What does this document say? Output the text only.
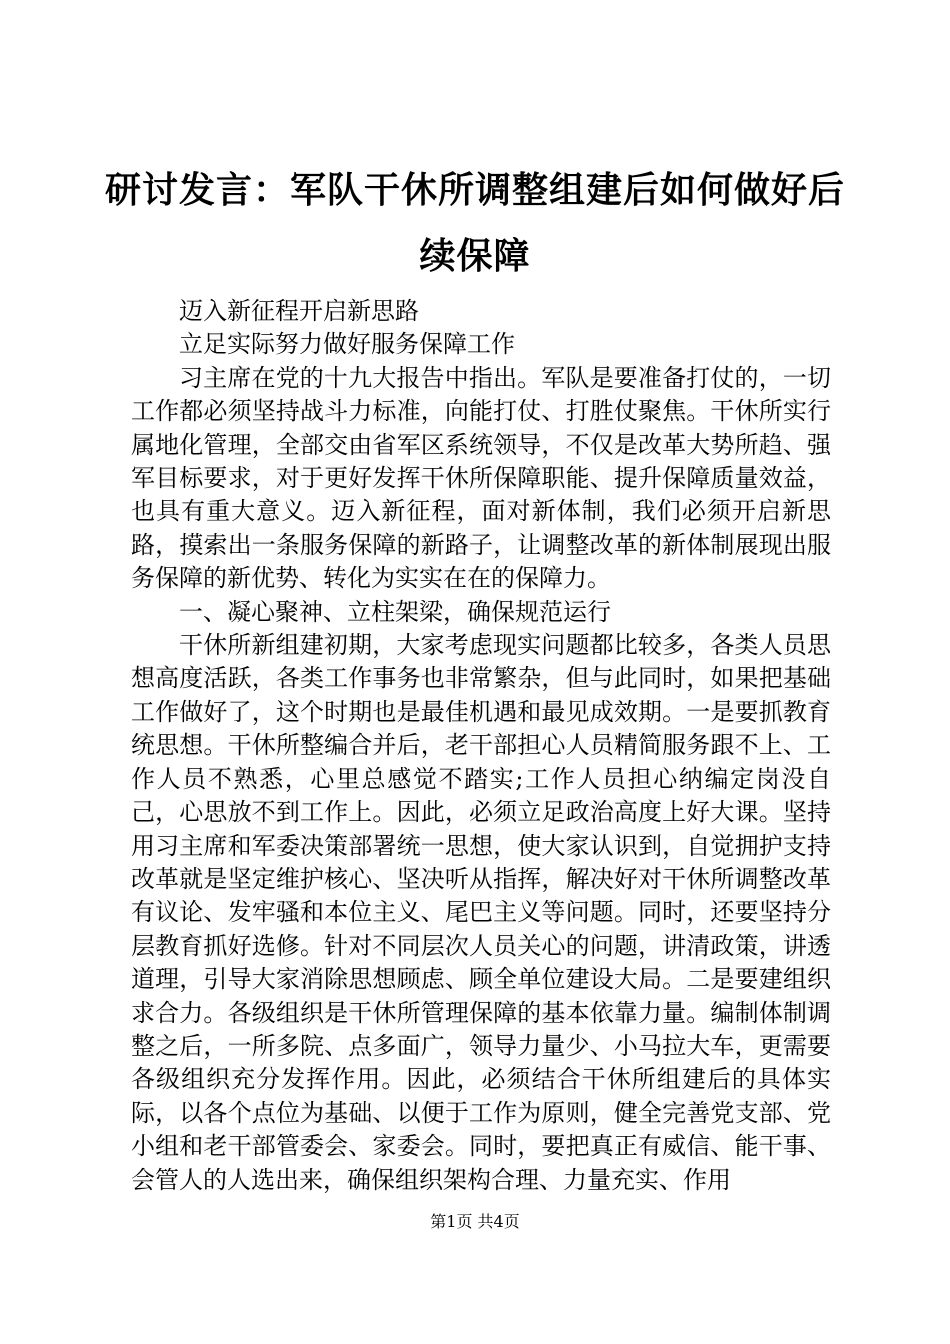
研讨发言：军队干休所调整组建后如何做好后续保障

迈入新征程开启新思路

立足实际努力做好服务保障工作

习主席在党的十九大报告中指出。军队是要准备打仗的，一切工作都必须坚持战斗力标准，向能打仗、打胜仗聚焦。干休所实行属地化管理，全部交由省军区系统领导，不仅是改革大势所趋、强军目标要求，对于更好发挥干休所保障职能、提升保障质量效益，也具有重大意义。迈入新征程，面对新体制，我们必须开启新思路，摸索出一条服务保障的新路子，让调整改革的新体制展现出服务保障的新优势、转化为实实在在的保障力。

一、凝心聚神、立柱架梁，确保规范运行

干休所新组建初期，大家考虑现实问题都比较多，各类人员思想高度活跃，各类工作事务也非常繁杂，但与此同时，如果把基础工作做好了，这个时期也是最佳机遇和最见成效期。一是要抓教育统思想。干休所整编合并后，老干部担心人员精简服务跟不上、工作人员不熟悉，心里总感觉不踏实;工作人员担心纳编定岗没自己，心思放不到工作上。因此，必须立足政治高度上好大课。坚持用习主席和军委决策部署统一思想，使大家认识到，自觉拥护支持改革就是坚定维护核心、坚决听从指挥，解决好对干休所调整改革有议论、发牢骚和本位主义、尾巴主义等问题。同时，还要坚持分层教育抓好选修。针对不同层次人员关心的问题，讲清政策，讲透道理，引导大家消除思想顾虑、顾全单位建设大局。二是要建组织求合力。各级组织是干休所管理保障的基本依靠力量。编制体制调整之后，一所多院、点多面广，领导力量少、小马拉大车，更需要各级组织充分发挥作用。因此，必须结合干休所组建后的具体实际，以各个点位为基础、以便于工作为原则，健全完善党支部、党小组和老干部管委会、家委会。同时，要把真正有威信、能干事、会管人的人选出来，确保组织架构合理、力量充实、作用

第1页 共4页
